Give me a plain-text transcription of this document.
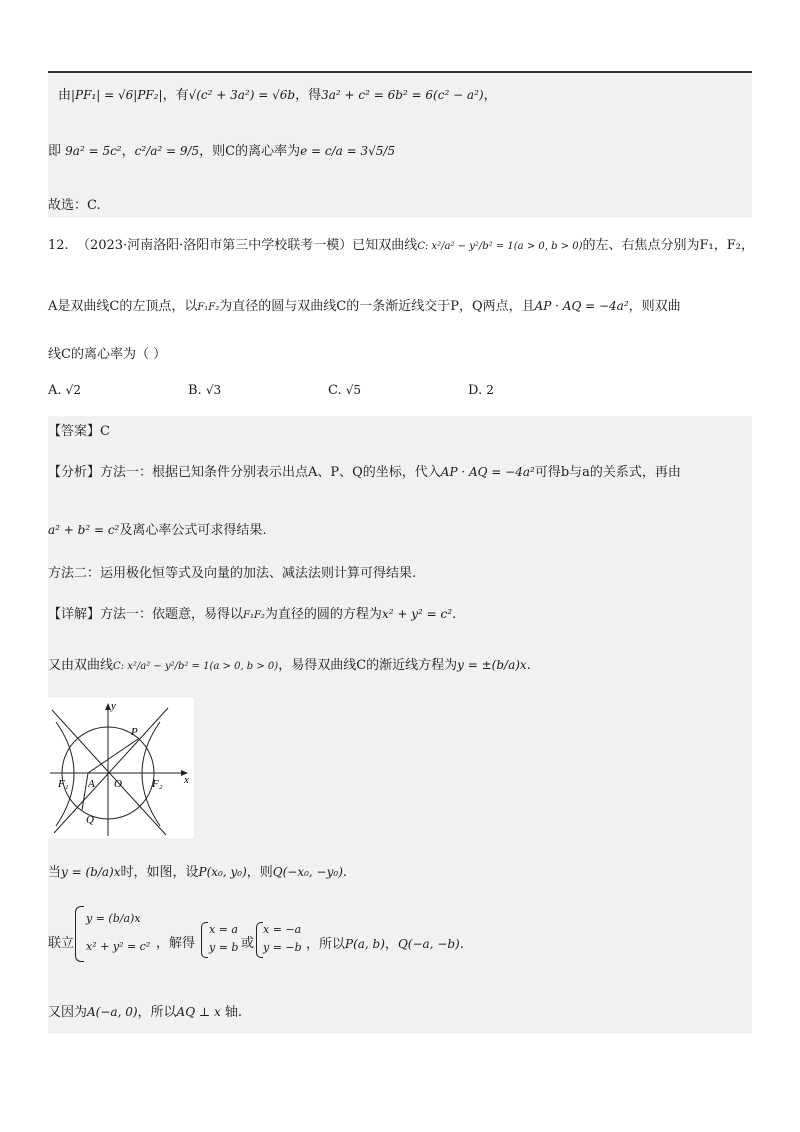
由|PF₁| = √6|PF₂|，有√(c² + 3a²) = √6b，得3a² + c² = 6b² = 6(c² − a²)，
即 9a² = 5c²，c²/a² = 9/5，则C的离心率为e = c/a = 3√5/5
故选：C.
12. （2023·河南洛阳·洛阳市第三中学校联考一模）已知双曲线C: x²/a² − y²/b² = 1(a > 0, b > 0)的左、右焦点分别为F₁，F₂，
A是双曲线C的左顶点，以F₁F₂为直径的圆与双曲线C的一条渐近线交于P，Q两点，且AP · AQ = −4a²，则双曲
线C的离心率为（ ）
A. √2	B. √3	C. √5	D. 2
【答案】C
【分析】方法一：根据已知条件分别表示出点A、P、Q的坐标，代入AP · AQ = −4a²可得b与a的关系式，再由
a² + b² = c²及离心率公式可求得结果.
方法二：运用极化恒等式及向量的加法、减法法则计算可得结果.
【详解】方法一：依题意，易得以F₁F₂为直径的圆的方程为x² + y² = c².
又由双曲线C: x²/a² − y²/b² = 1(a > 0, b > 0)，易得双曲线C的渐近线方程为y = ±(b/a)x.
y
x
O
A
P
Q
F₁	F₂
当y = (b/a)x时，如图，设P(x₀, y₀)，则Q(−x₀, −y₀).
联立
y = (b/a)x
x² + y² = c² ，解得
x = a
y = b 或
x = −a
y = −b ，所以P(a, b)，Q(−a, −b).
又因为A(−a, 0)，所以AQ ⊥ x 轴.
